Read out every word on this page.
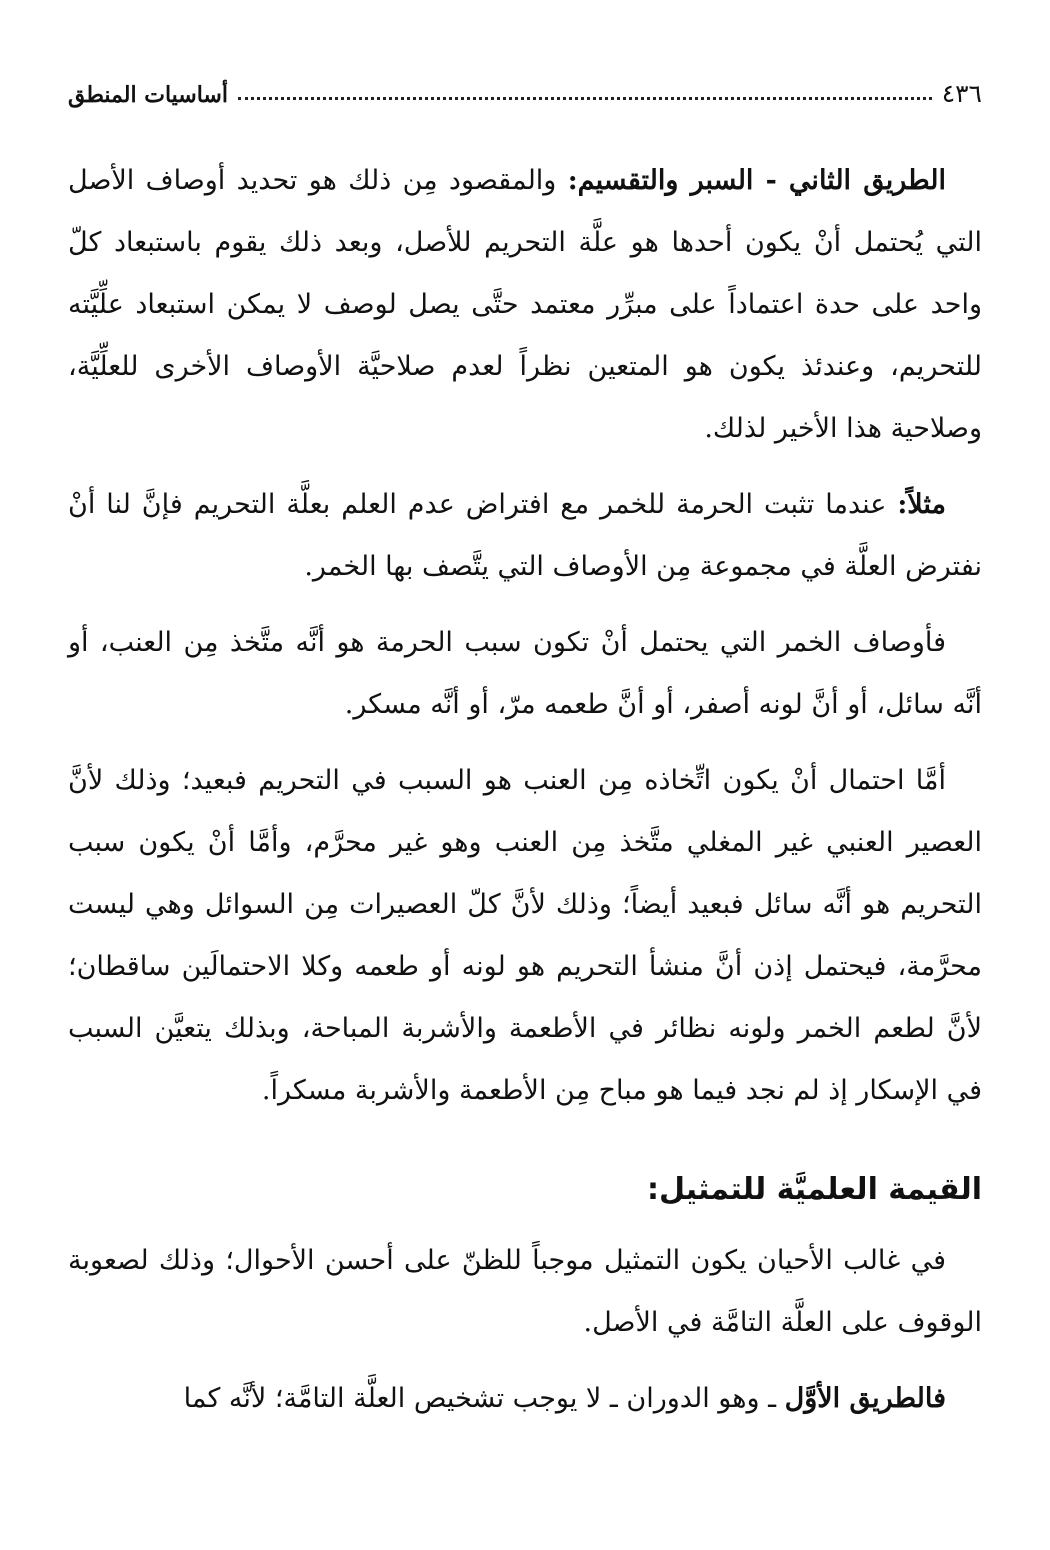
٤٣٦
أساسيات المنطق

الطريق الثاني - السبر والتقسيم: والمقصود مِن ذلك هو تحديد أوصاف الأصل التي يُحتمل أنْ يكون أحدها هو علَّة التحريم للأصل، وبعد ذلك يقوم باستبعاد كلّ واحد على حدة اعتماداً على مبرِّر معتمد حتَّى يصل لوصف لا يمكن استبعاد علِّيَّته للتحريم، وعندئذ يكون هو المتعين نظراً لعدم صلاحيَّة الأوصاف الأخرى للعلِّيَّة، وصلاحية هذا الأخير لذلك.

مثلاً: عندما تثبت الحرمة للخمر مع افتراض عدم العلم بعلَّة التحريم فإنَّ لنا أنْ نفترض العلَّة في مجموعة مِن الأوصاف التي يتَّصف بها الخمر.

فأوصاف الخمر التي يحتمل أنْ تكون سبب الحرمة هو أنَّه متَّخذ مِن العنب، أو أنَّه سائل، أو أنَّ لونه أصفر، أو أنَّ طعمه مرّ، أو أنَّه مسكر.

أمَّا احتمال أنْ يكون اتِّخاذه مِن العنب هو السبب في التحريم فبعيد؛ وذلك لأنَّ العصير العنبي غير المغلي متَّخذ مِن العنب وهو غير محرَّم، وأمَّا أنْ يكون سبب التحريم هو أنَّه سائل فبعيد أيضاً؛ وذلك لأنَّ كلّ العصيرات مِن السوائل وهي ليست محرَّمة، فيحتمل إذن أنَّ منشأ التحريم هو لونه أو طعمه وكلا الاحتمالَين ساقطان؛ لأنَّ لطعم الخمر ولونه نظائر في الأطعمة والأشربة المباحة، وبذلك يتعيَّن السبب في الإسكار إذ لم نجد فيما هو مباح مِن الأطعمة والأشربة مسكراً.

القيمة العلميَّة للتمثيل:

في غالب الأحيان يكون التمثيل موجباً للظنّ على أحسن الأحوال؛ وذلك لصعوبة الوقوف على العلَّة التامَّة في الأصل.

فالطريق الأوَّل ـ وهو الدوران ـ لا يوجب تشخيص العلَّة التامَّة؛ لأنَّه كما
